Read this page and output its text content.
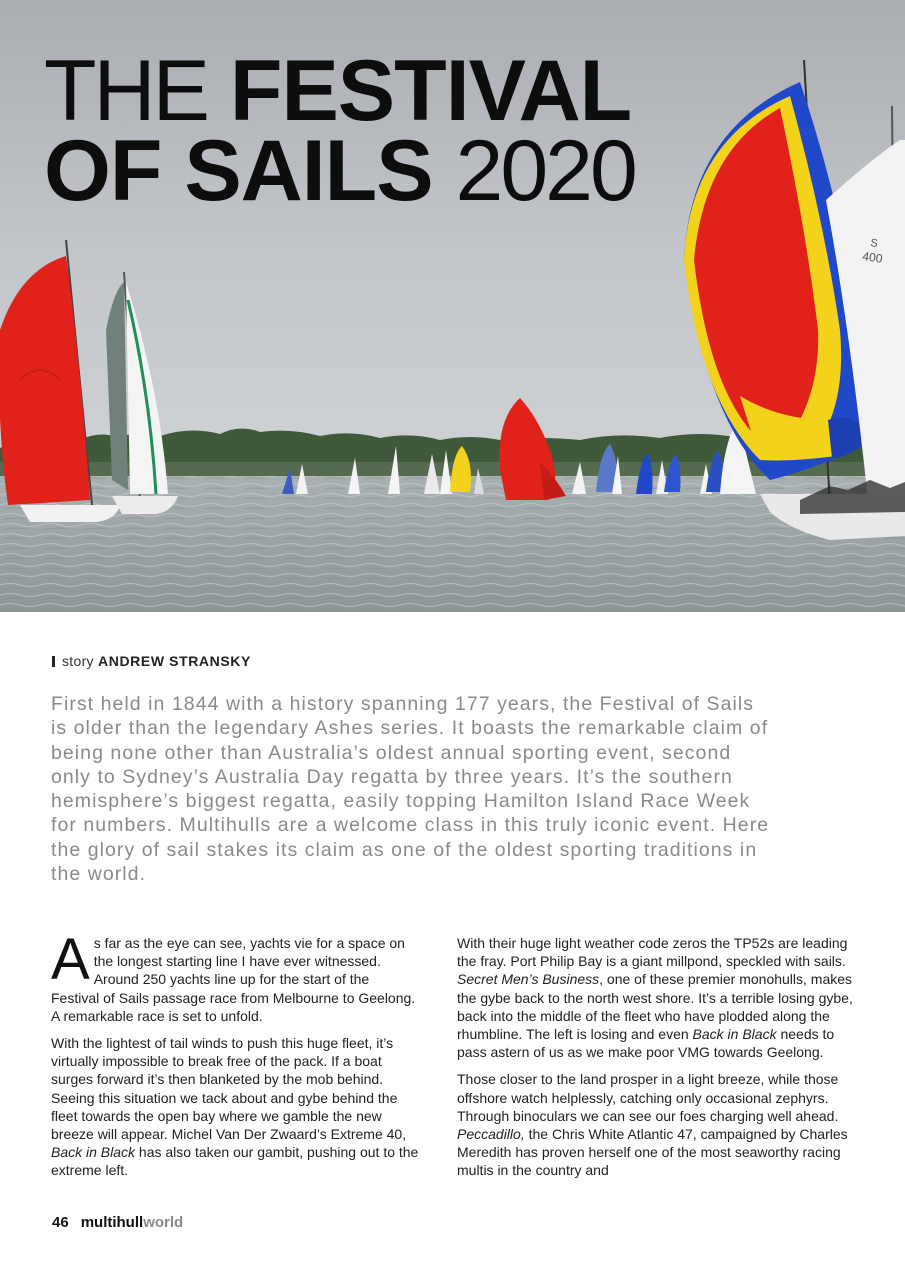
S
400
THE FESTIVAL
OF SAILS 2020
story ANDREW STRANSKY

First held in 1844 with a history spanning 177 years, the Festival of Sails is older than the legendary Ashes series. It boasts the remarkable claim of being none other than Australia’s oldest annual sporting event, second only to Sydney’s Australia Day regatta by three years. It’s the southern hemisphere’s biggest regatta, easily topping Hamilton Island Race Week for numbers. Multihulls are a welcome class in this truly iconic event. Here the glory of sail stakes its claim as one of the oldest sporting traditions in the world.

As far as the eye can see, yachts vie for a space on the longest starting line I have ever witnessed. Around 250 yachts line up for the start of the Festival of Sails passage race from Melbourne to Geelong. A remarkable race is set to unfold.

With the lightest of tail winds to push this huge fleet, it’s virtually impossible to break free of the pack. If a boat surges forward it’s then blanketed by the mob behind. Seeing this situation we tack about and gybe behind the fleet towards the open bay where we gamble the new breeze will appear. Michel Van Der Zwaard’s Extreme 40, Back in Black has also taken our gambit, pushing out to the extreme left.

With their huge light weather code zeros the TP52s are leading the fray. Port Philip Bay is a giant millpond, speckled with sails. Secret Men’s Business, one of these premier monohulls, makes the gybe back to the north west shore. It’s a terrible losing gybe, back into the middle of the fleet who have plodded along the rhumbline. The left is losing and even Back in Black needs to pass astern of us as we make poor VMG towards Geelong.

Those closer to the land prosper in a light breeze, while those offshore watch helplessly, catching only occasional zephyrs. Through binoculars we can see our foes charging well ahead. Peccadillo, the Chris White Atlantic 47, campaigned by Charles Meredith has proven herself one of the most seaworthy racing multis in the country and

46 multihullworld
